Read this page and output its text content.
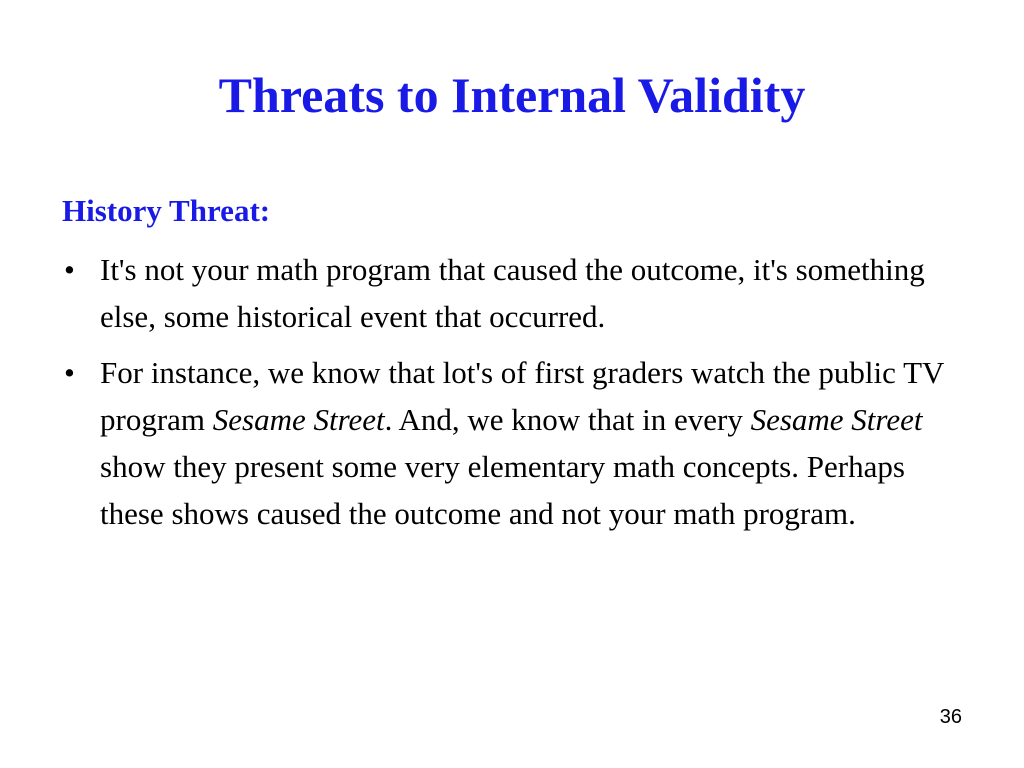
Threats to Internal Validity
History Threat:
• It's not your math program that caused the outcome, it's something else, some historical event that occurred.
• For instance, we know that lot's of first graders watch the public TV program Sesame Street. And, we know that in every Sesame Street show they present some very elementary math concepts. Perhaps these shows caused the outcome and not your math program.
36
